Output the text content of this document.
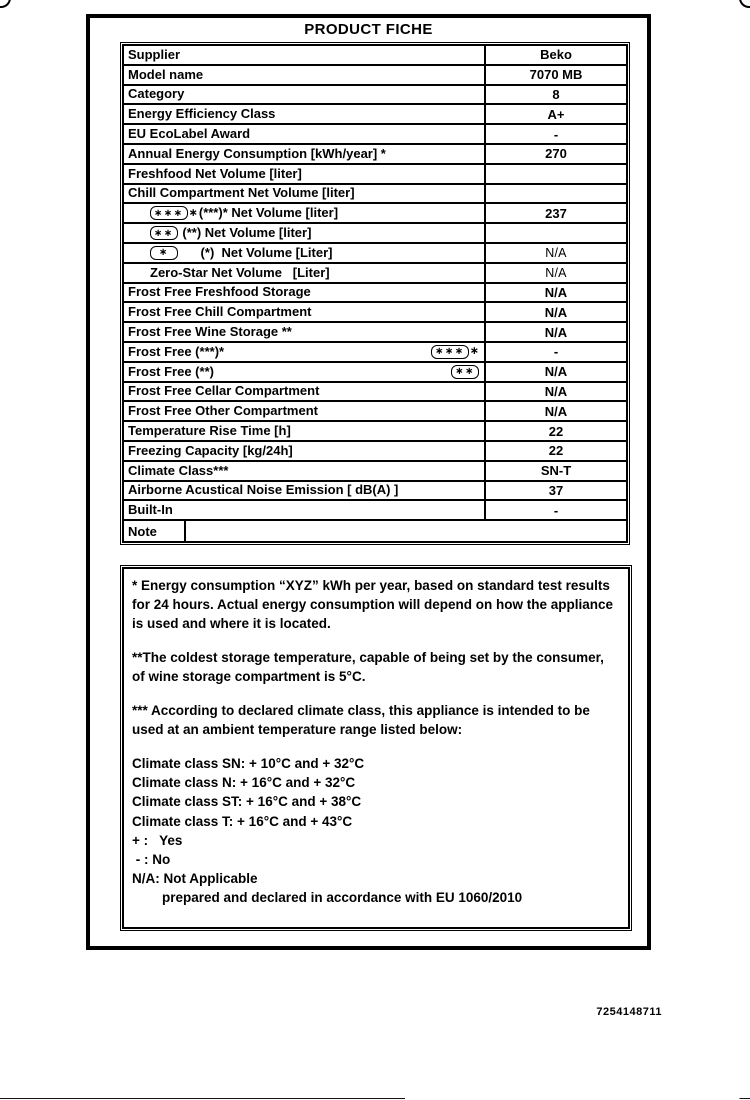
PRODUCT FICHE
Supplier	Beko
Model name	7070 MB
Category	8
Energy Efficiency Class	A+
EU EcoLabel Award	-
Annual Energy Consumption [kWh/year] *	270
Freshfood Net Volume [liter]
Chill Compartment Net Volume [liter]
∗∗∗ ∗ (***)* Net Volume [liter]	237
∗∗ (**) Net Volume [liter]
∗ (*)  Net Volume [Liter]	N/A
Zero-Star Net Volume   [Liter]	N/A
Frost Free Freshfood Storage	N/A
Frost Free Chill Compartment	N/A
Frost Free Wine Storage **	N/A
Frost Free (***)*	∗∗∗ ∗	-
Frost Free (**)	∗∗	N/A
Frost Free Cellar Compartment	N/A
Frost Free Other Compartment	N/A
Temperature Rise Time [h]	22
Freezing Capacity [kg/24h]	22
Climate Class***	SN-T
Airborne Acustical Noise Emission [ dB(A) ]	37
Built-In	-
Note
* Energy consumption “XYZ” kWh per year, based on standard test results for 24 hours. Actual energy consumption will depend on how the appliance is used and where it is located.
**The coldest storage temperature, capable of being set by the consumer, of wine storage compartment is 5°C.
*** According to declared climate class, this appliance is intended to be used at an ambient temperature range listed below:
Climate class SN: + 10°C and + 32°C
Climate class N: + 16°C and + 32°C
Climate class ST: + 16°C and + 38°C
Climate class T: + 16°C and + 43°C
+ :   Yes
- : No
N/A: Not Applicable
prepared and declared in accordance with EU 1060/2010
7254148711
